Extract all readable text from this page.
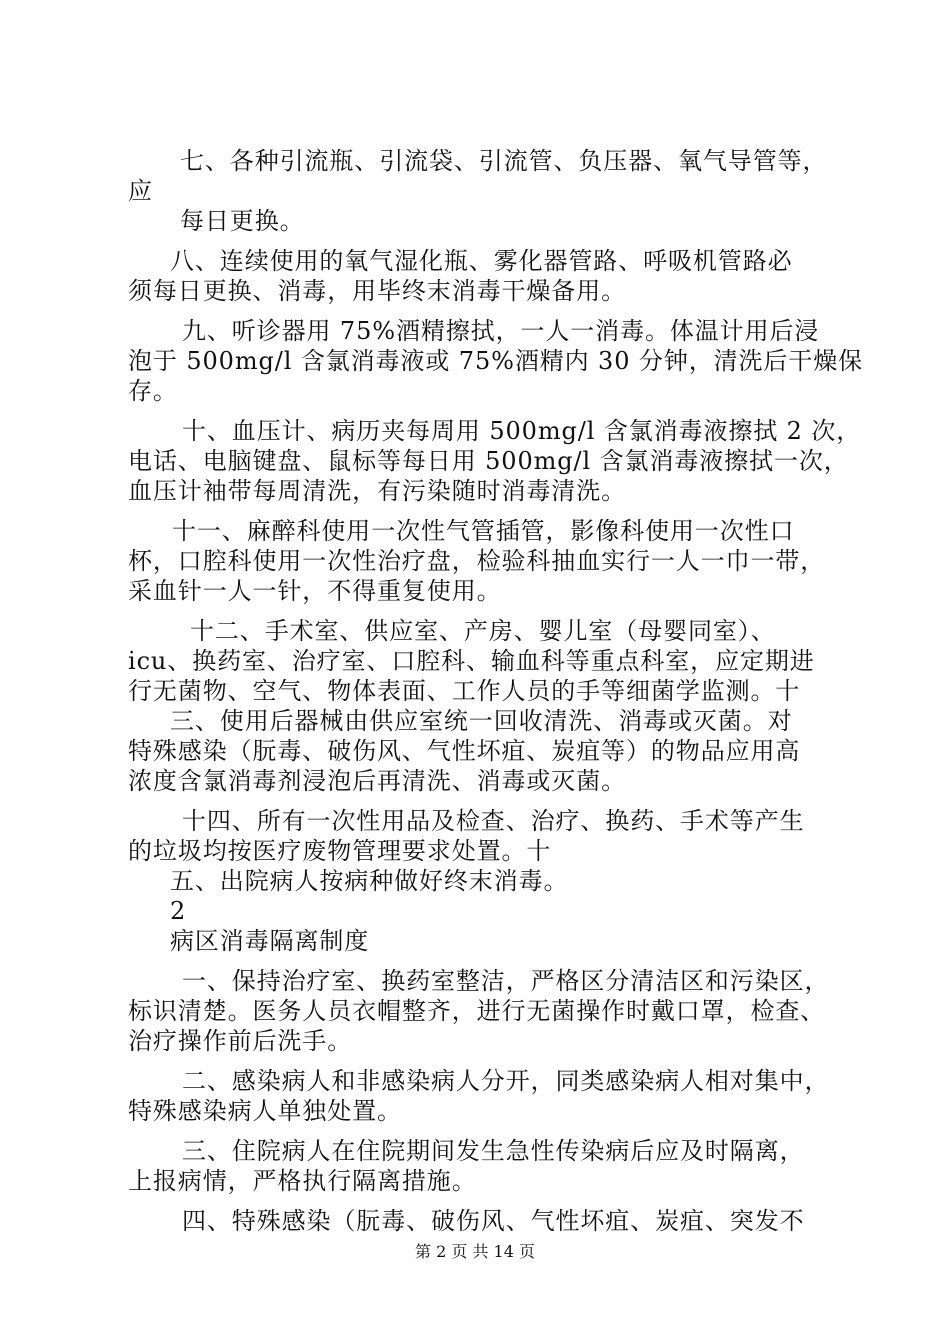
七、各种引流瓶、引流袋、引流管、负压器、氧气导管等，
应
每日更换。
八、连续使用的氧气湿化瓶、雾化器管路、呼吸机管路必
须每日更换、消毒，用毕终末消毒干燥备用。
九、听诊器用 75%酒精擦拭，一人一消毒。体温计用后浸
泡于 500mg/l 含氯消毒液或 75%酒精内 30 分钟，清洗后干燥保
存。
十、血压计、病历夹每周用 500mg/l 含氯消毒液擦拭 2 次，
电话、电脑键盘、鼠标等每日用 500mg/l 含氯消毒液擦拭一次，
血压计袖带每周清洗，有污染随时消毒清洗。
十一、麻醉科使用一次性气管插管，影像科使用一次性口
杯，口腔科使用一次性治疗盘，检验科抽血实行一人一巾一带，
采血针一人一针，不得重复使用。
十二、手术室、供应室、产房、婴儿室（母婴同室）、
icu、换药室、治疗室、口腔科、输血科等重点科室，应定期进
行无菌物、空气、物体表面、工作人员的手等细菌学监测。十
三、使用后器械由供应室统一回收清洗、消毒或灭菌。对
特殊感染（朊毒、破伤风、气性坏疽、炭疽等）的物品应用高
浓度含氯消毒剂浸泡后再清洗、消毒或灭菌。
十四、所有一次性用品及检查、治疗、换药、手术等产生
的垃圾均按医疗废物管理要求处置。十
五、出院病人按病种做好终末消毒。
2
病区消毒隔离制度
一、保持治疗室、换药室整洁，严格区分清洁区和污染区，
标识清楚。医务人员衣帽整齐，进行无菌操作时戴口罩，检查、
治疗操作前后洗手。
二、感染病人和非感染病人分开，同类感染病人相对集中，
特殊感染病人单独处置。
三、住院病人在住院期间发生急性传染病后应及时隔离，
上报病情，严格执行隔离措施。
四、特殊感染（朊毒、破伤风、气性坏疽、炭疽、突发不
第 2 页 共 14 页
